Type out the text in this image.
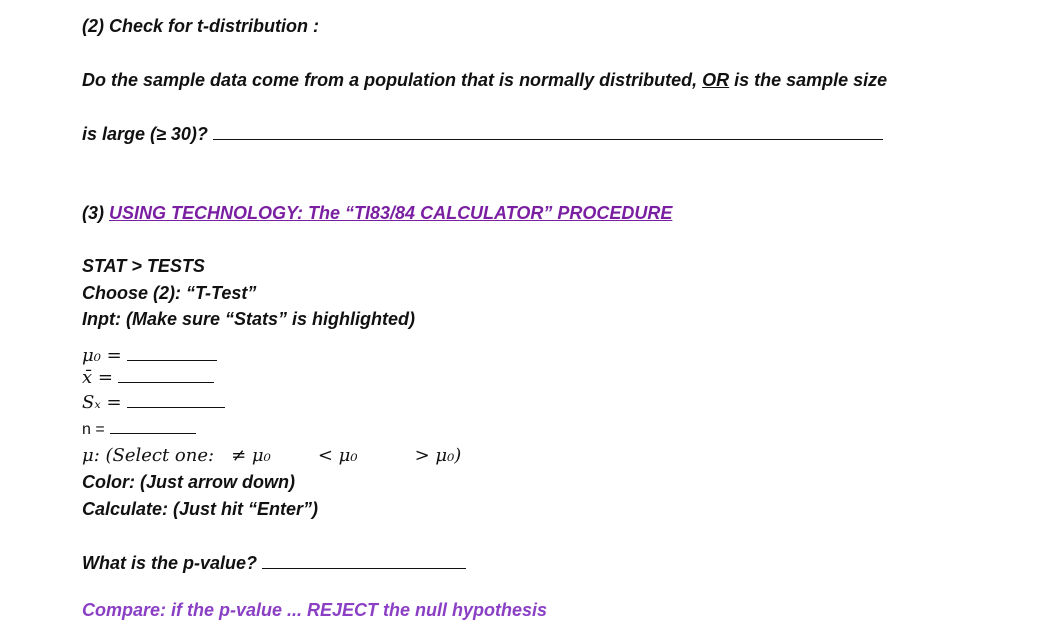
(2) Check for t-distribution :
Do the sample data come from a population that is normally distributed, OR is the sample size
is large (≥ 30)?
(3) USING TECHNOLOGY: The “TI83/84 CALCULATOR” PROCEDURE
STAT > TESTS
Choose (2): “T-Test”
Inpt: (Make sure “Stats” is highlighted)
μ₀ =
x̄ =
Sₓ =
n =
μ: (Select one: ≠ μ₀	< μ₀	> μ₀)
Color: (Just arrow down)
Calculate: (Just hit “Enter”)
What is the p-value?
Compare: if the p-value ... REJECT the null hypothesis
